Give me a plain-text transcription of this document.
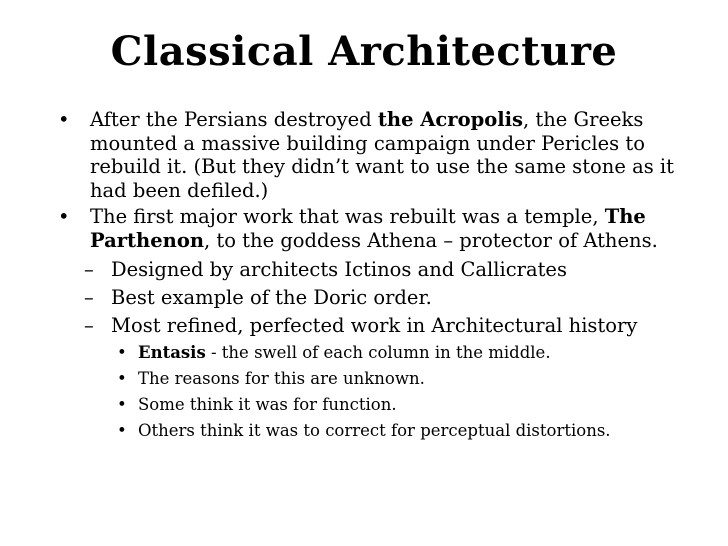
Classical Architecture
• After the Persians destroyed the Acropolis, the Greeks mounted a massive building campaign under Pericles to rebuild it. (But they didn’t want to use the same stone as it had been defiled.)
• The first major work that was rebuilt was a temple, The Parthenon, to the goddess Athena – protector of Athens.
– Designed by architects Ictinos and Callicrates
– Best example of the Doric order.
– Most refined, perfected work in Architectural history
• Entasis - the swell of each column in the middle.
• The reasons for this are unknown.
• Some think it was for function.
• Others think it was to correct for perceptual distortions.
